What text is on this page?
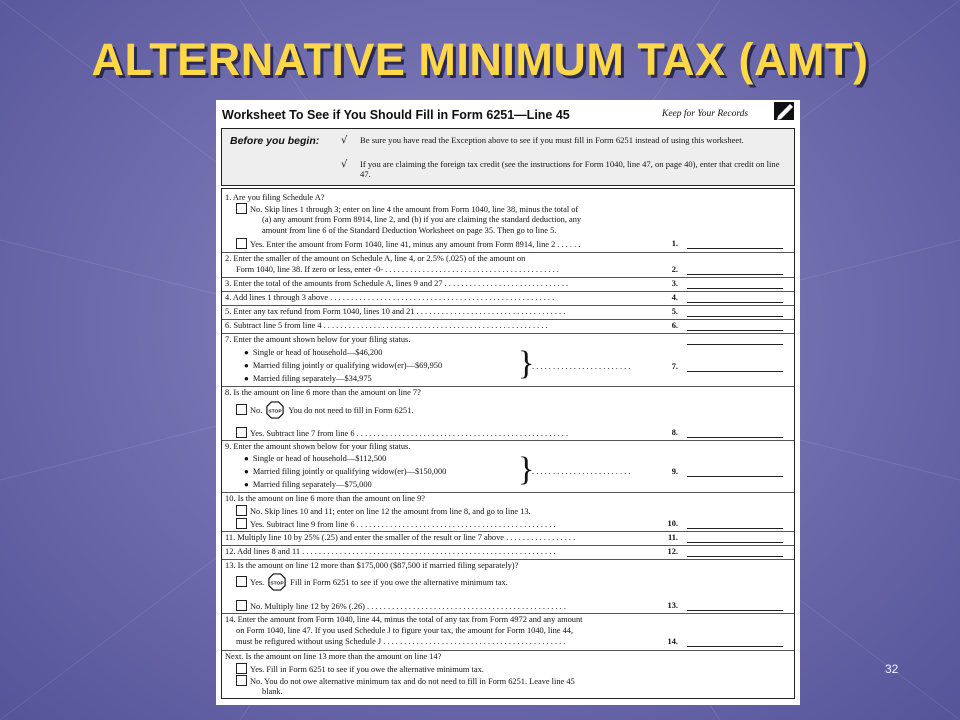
ALTERNATIVE MINIMUM TAX (AMT)
Worksheet To See if You Should Fill in Form 6251—Line 45	Keep for Your Records
Before you begin: √ Be sure you have read the Exception above to see if you must fill in Form 6251 instead of using this worksheet.
√ If you are claiming the foreign tax credit (see the instructions for Form 1040, line 47, on page 40), enter that credit on line 47.
1. Are you filing Schedule A?
No. Skip lines 1 through 3; enter on line 4 the amount from Form 1040, line 38, minus the total of
(a) any amount from Form 8914, line 2, and (b) if you are claiming the standard deduction, any
amount from line 6 of the Standard Deduction Worksheet on page 35. Then go to line 5.
Yes. Enter the amount from Form 1040, line 41, minus any amount from Form 8914, line 2 . . . . . .	1.
2. Enter the smaller of the amount on Schedule A, line 4, or 2.5% (.025) of the amount on
Form 1040, line 38. If zero or less, enter -0- . . . . . . . . . . . . . . . . . . . . . . . . . . . . . . . . . . . . . . . . . .	2.
3. Enter the total of the amounts from Schedule A, lines 9 and 27 . . . . . . . . . . . . . . . . . . . . . . . . . . . . . .	3.
4. Add lines 1 through 3 above . . . . . . . . . . . . . . . . . . . . . . . . . . . . . . . . . . . . . . . . . . . . . . . . . . . . . .	4.
5. Enter any tax refund from Form 1040, lines 10 and 21 . . . . . . . . . . . . . . . . . . . . . . . . . . . . . . . . . . . .	5.
6. Subtract line 5 from line 4 . . . . . . . . . . . . . . . . . . . . . . . . . . . . . . . . . . . . . . . . . . . . . . . . . . . . . .	6.
7. Enter the amount shown below for your filing status.
● Single or head of household—$46,200
● Married filing jointly or qualifying widow(er)—$69,950
● Married filing separately—$34,975	}
. . . . . . . . . . . . . . . . . . . . . . . .	7.
8. Is the amount on line 6 more than the amount on line 7?
No. STOP You do not need to fill in Form 6251.
Yes. Subtract line 7 from line 6 . . . . . . . . . . . . . . . . . . . . . . . . . . . . . . . . . . . . . . . . . . . . . . . . . . .	8.
9. Enter the amount shown below for your filing status.
● Single or head of household—$112,500
● Married filing jointly or qualifying widow(er)—$150,000
● Married filing separately—$75,000	}
. . . . . . . . . . . . . . . . . . . . . . . .	9.
10. Is the amount on line 6 more than the amount on line 9?
No. Skip lines 10 and 11; enter on line 12 the amount from line 8, and go to line 13.
Yes. Subtract line 9 from line 6 . . . . . . . . . . . . . . . . . . . . . . . . . . . . . . . . . . . . . . . . . . . . . . . .	10.
11. Multiply line 10 by 25% (.25) and enter the smaller of the result or line 7 above . . . . . . . . . . . . . . . . .	11.
12. Add lines 8 and 11 . . . . . . . . . . . . . . . . . . . . . . . . . . . . . . . . . . . . . . . . . . . . . . . . . . . . . . . . . . . . .	12.
13. Is the amount on line 12 more than $175,000 ($87,500 if married filing separately)?
Yes. STOP Fill in Form 6251 to see if you owe the alternative minimum tax.
No. Multiply line 12 by 26% (.26) . . . . . . . . . . . . . . . . . . . . . . . . . . . . . . . . . . . . . . . . . . . . . . . .	13.
14. Enter the amount from Form 1040, line 44, minus the total of any tax from Form 4972 and any amount
on Form 1040, line 47. If you used Schedule J to figure your tax, the amount for Form 1040, line 44,
must be refigured without using Schedule J . . . . . . . . . . . . . . . . . . . . . . . . . . . . . . . . . . . . . . . . . . . .	14.
Next. Is the amount on line 13 more than the amount on line 14?
Yes. Fill in Form 6251 to see if you owe the alternative minimum tax.
No. You do not owe alternative minimum tax and do not need to fill in Form 6251. Leave line 45
blank.
32
